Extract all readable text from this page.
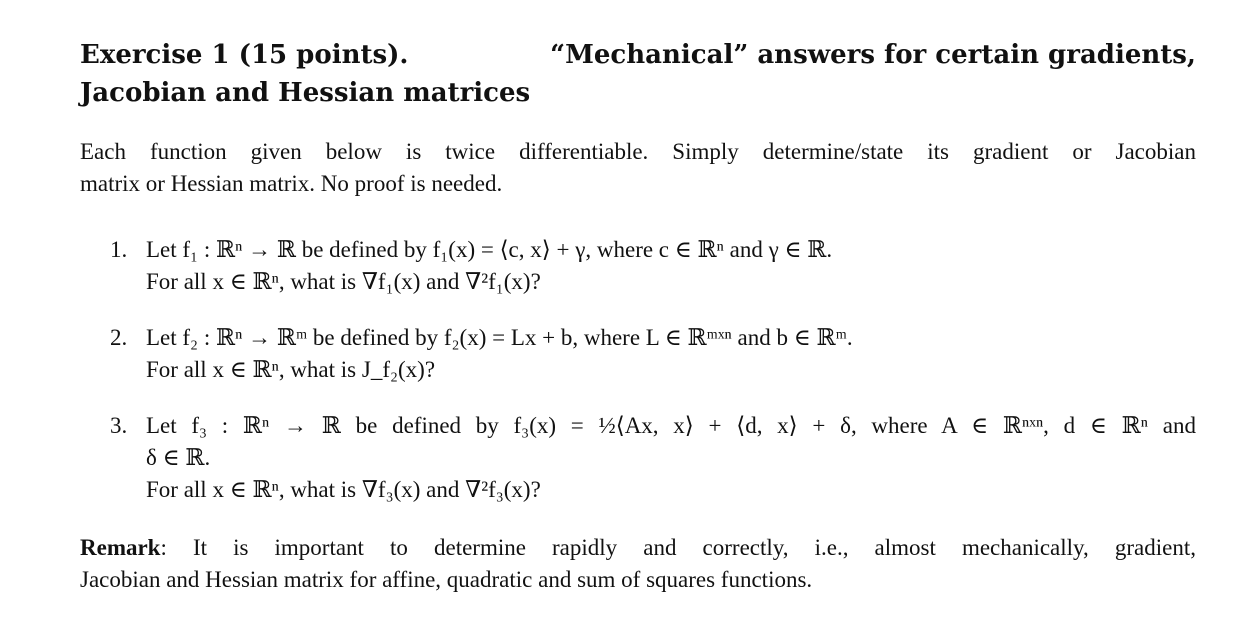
Exercise 1 (15 points).	“Mechanical” answers for certain gradients,
Jacobian and Hessian matrices
Each function given below is twice differentiable. Simply determine/state its gradient or Jacobian
matrix or Hessian matrix. No proof is needed.
1. Let f₁ : ℝⁿ → ℝ be defined by f₁(x) = ⟨c, x⟩ + γ, where c ∈ ℝⁿ and γ ∈ ℝ.
For all x ∈ ℝⁿ, what is ∇f₁(x) and ∇²f₁(x)?
2. Let f₂ : ℝⁿ → ℝᵐ be defined by f₂(x) = Lx + b, where L ∈ ℝᵐˣⁿ and b ∈ ℝᵐ.
For all x ∈ ℝⁿ, what is J_f₂(x)?
3. Let f₃ : ℝⁿ → ℝ be defined by f₃(x) = ½⟨Ax, x⟩ + ⟨d, x⟩ + δ, where A ∈ ℝⁿˣⁿ, d ∈ ℝⁿ and
δ ∈ ℝ.
For all x ∈ ℝⁿ, what is ∇f₃(x) and ∇²f₃(x)?
Remark: It is important to determine rapidly and correctly, i.e., almost mechanically, gradient,
Jacobian and Hessian matrix for affine, quadratic and sum of squares functions.
